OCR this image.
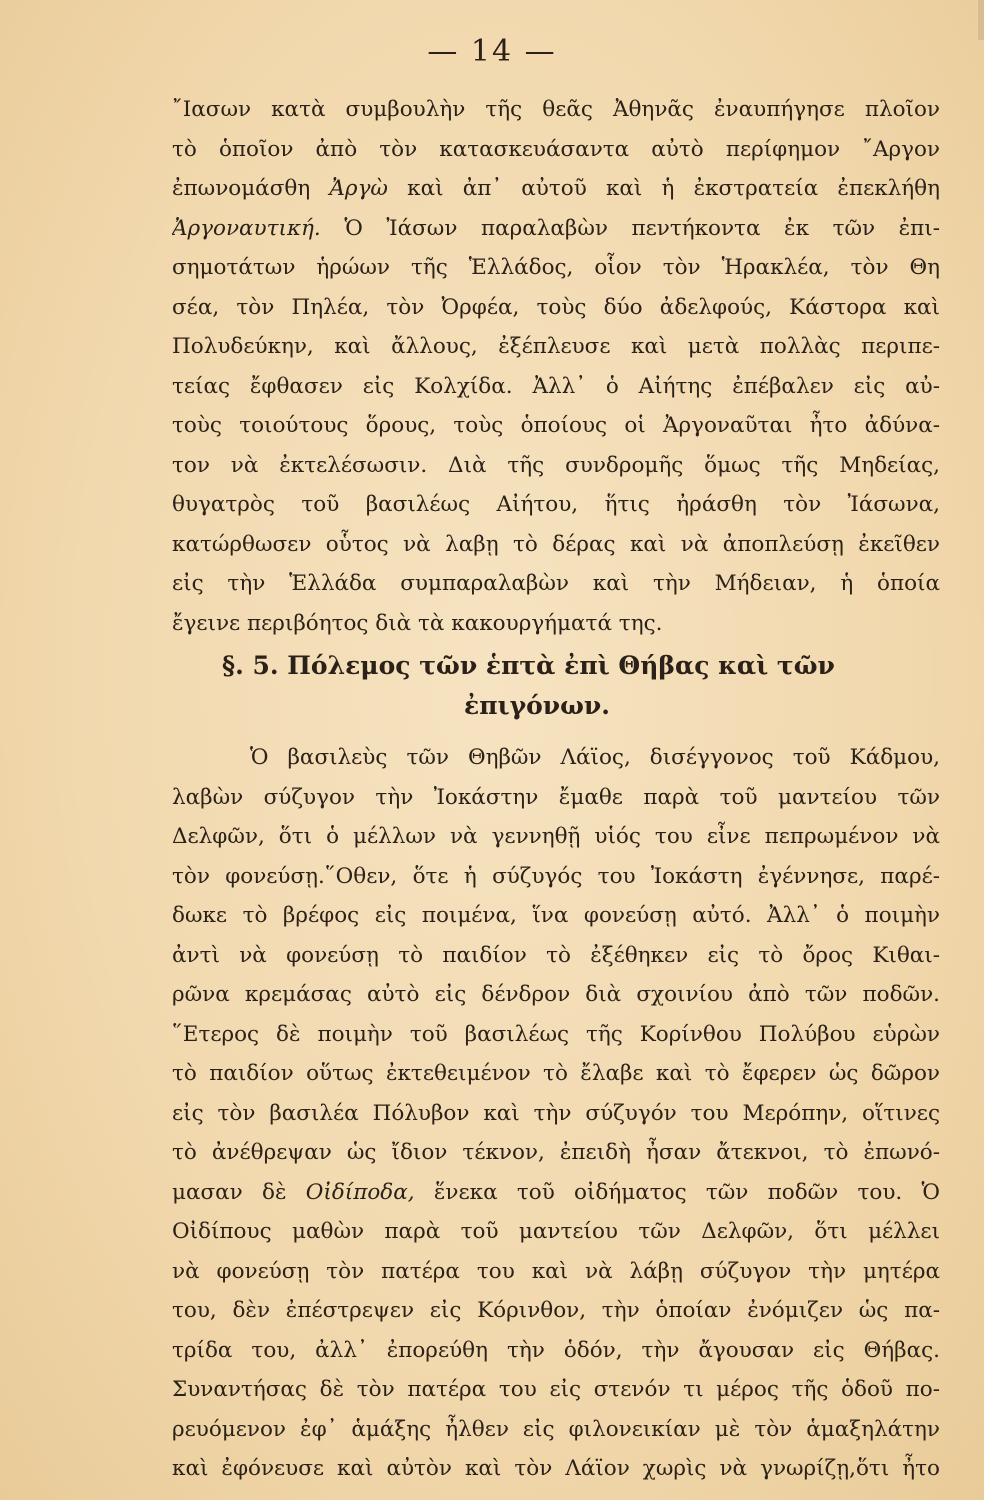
— 14 —
῎Ιασων κατὰ συμβουλὴν τῆς θεᾶς Ἀθηνᾶς ἐναυπήγησε πλοῖον
τὸ ὁποῖον ἀπὸ τὸν κατασκευάσαντα αὐτὸ περίφημον ῎Αργον
ἐπωνομάσθη Ἀργὼ καὶ ἀπ᾽ αὐτοῦ καὶ ἡ ἐκστρατεία ἐπεκλήθη
Ἀργοναυτική. Ὁ Ἰάσων παραλαβὼν πεντήκοντα ἐκ τῶν ἐπι-
σημοτάτων ἡρώων τῆς Ἑλλάδος, οἷον τὸν Ἡρακλέα, τὸν Θη
σέα, τὸν Πηλέα, τὸν Ὀρφέα, τοὺς δύο ἀδελφούς, Κάστορα καὶ
Πολυδεύκην, καὶ ἄλλους, ἐξέπλευσε καὶ μετὰ πολλὰς περιπε-
τείας ἔφθασεν εἰς Κολχίδα. Ἀλλ᾽ ὁ Αἰήτης ἐπέβαλεν εἰς αὐ-
τοὺς τοιούτους ὅρους, τοὺς ὁποίους οἱ Ἀργοναῦται ἦτο ἀδύνα-
τον νὰ ἐκτελέσωσιν. Διὰ τῆς συνδρομῆς ὅμως τῆς Μηδείας,
θυγατρὸς τοῦ βασιλέως Αἰήτου, ἥτις ἠράσθη τὸν Ἰάσωνα,
κατώρθωσεν οὗτος νὰ λαβῃ τὸ δέρας καὶ νὰ ἀποπλεύσῃ ἐκεῖθεν
εἰς τὴν Ἑλλάδα συμπαραλαβὼν καὶ τὴν Μήδειαν, ἡ ὁποία
ἔγεινε περιβόητος διὰ τὰ κακουργήματά της.
§. 5. Πόλεμος τῶν ἑπτὰ ἐπὶ Θήβας καὶ τῶν
ἐπιγόνων.
Ὁ βασιλεὺς τῶν Θηβῶν Λάϊος, δισέγγονος τοῦ Κάδμου,
λαβὼν σύζυγον τὴν Ἰοκάστην ἔμαθε παρὰ τοῦ μαντείου τῶν
Δελφῶν, ὅτι ὁ μέλλων νὰ γεννηθῇ υἱός του εἶνε πεπρωμένον νὰ
τὸν φονεύσῃ.῞Οθεν, ὅτε ἡ σύζυγός του Ἰοκάστη ἐγέννησε, παρέ-
δωκε τὸ βρέφος εἰς ποιμένα, ἵνα φονεύσῃ αὐτό. Ἀλλ᾽ ὁ ποιμὴν
ἀντὶ νὰ φονεύσῃ τὸ παιδίον τὸ ἐξέθηκεν εἰς τὸ ὄρος Κιθαι-
ρῶνα κρεμάσας αὐτὸ εἰς δένδρον διὰ σχοινίου ἀπὸ τῶν ποδῶν.
῞Ετερος δὲ ποιμὴν τοῦ βασιλέως τῆς Κορίνθου Πολύβου εὑρὼν
τὸ παιδίον οὕτως ἐκτεθειμένον τὸ ἔλαβε καὶ τὸ ἔφερεν ὡς δῶρον
εἰς τὸν βασιλέα Πόλυβον καὶ τὴν σύζυγόν του Μερόπην, οἵτινες
τὸ ἀνέθρεψαν ὡς ἴδιον τέκνον, ἐπειδὴ ἦσαν ἄτεκνοι, τὸ ἐπωνό-
μασαν δὲ Οἰδίποδα, ἕνεκα τοῦ οἰδήματος τῶν ποδῶν του. Ὁ
Οἰδίπους μαθὼν παρὰ τοῦ μαντείου τῶν Δελφῶν, ὅτι μέλλει
νὰ φονεύσῃ τὸν πατέρα του καὶ νὰ λάβῃ σύζυγον τὴν μητέρα
του, δὲν ἐπέστρεψεν εἰς Κόρινθον, τὴν ὁποίαν ἐνόμιζεν ὡς πα-
τρίδα του, ἀλλ᾽ ἐπορεύθη τὴν ὁδόν, τὴν ἄγουσαν εἰς Θήβας.
Συναντήσας δὲ τὸν πατέρα του εἰς στενόν τι μέρος τῆς ὁδοῦ πο-
ρευόμενον ἐφ᾽ ἁμάξης ἦλθεν εἰς φιλονεικίαν μὲ τὸν ἁμαξηλάτην
καὶ ἐφόνευσε καὶ αὐτὸν καὶ τὸν Λάϊον χωρὶς νὰ γνωρίζῃ,ὅτι ἦτο
